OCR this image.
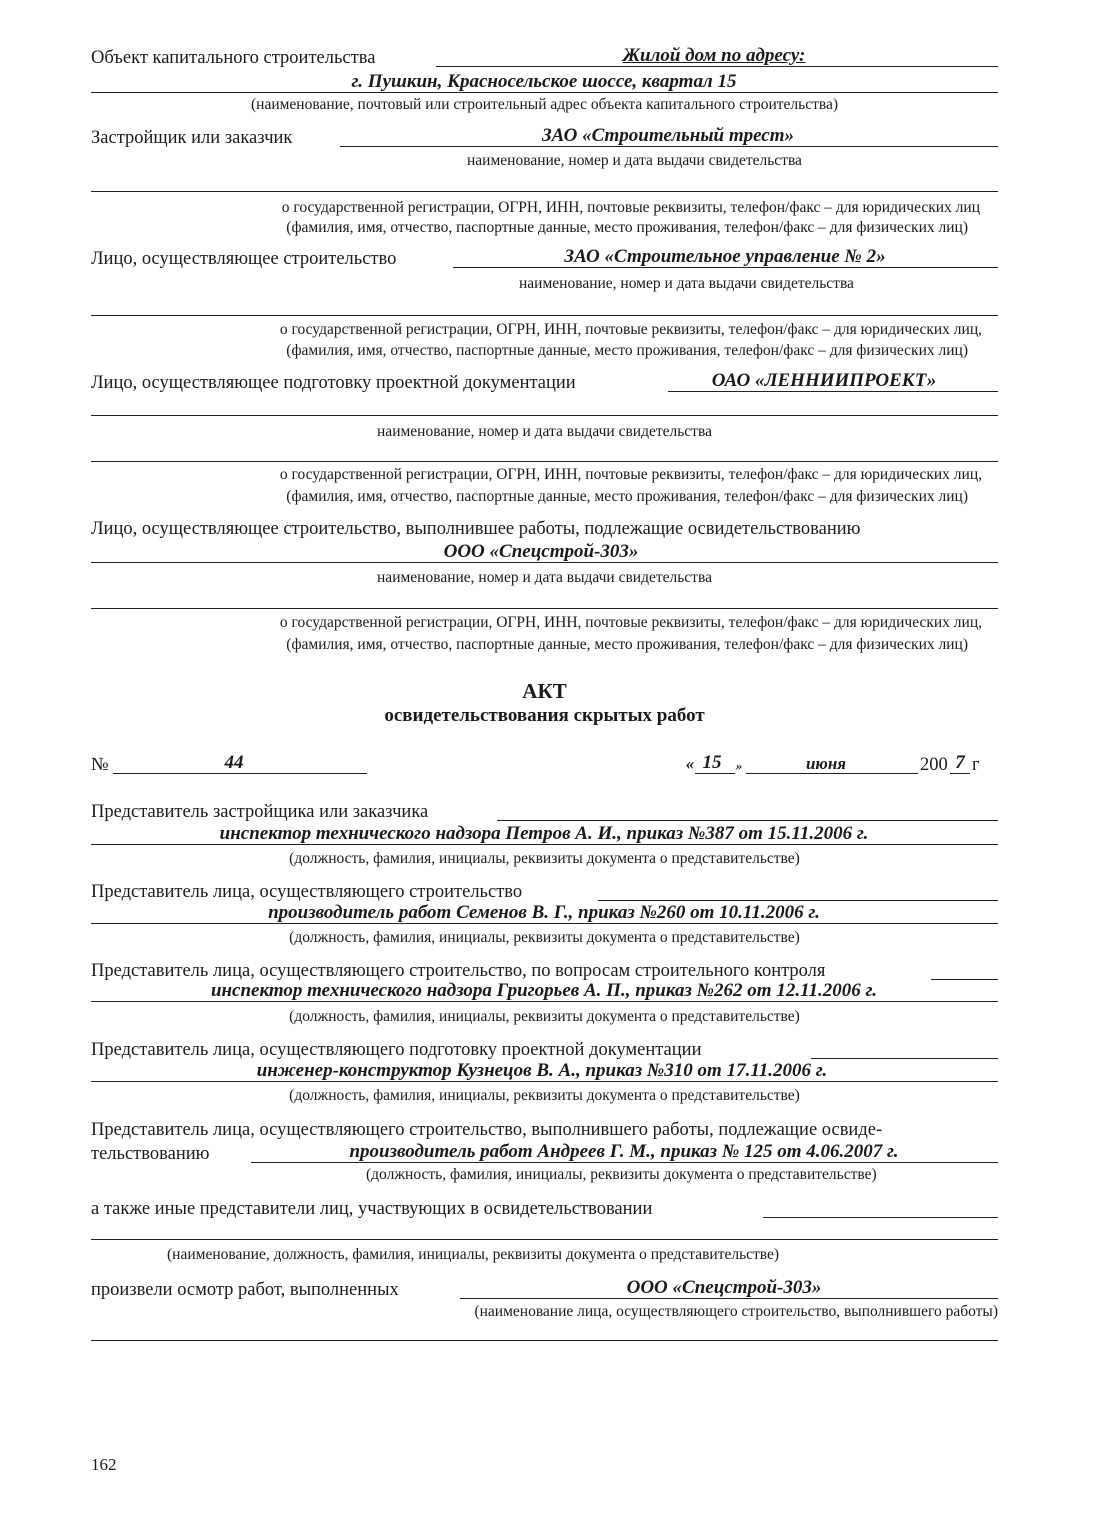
Объект капитального строительства	Жилой дом по адресу:
г. Пушкин, Красносельское шоссе, квартал 15
(наименование, почтовый или строительный адрес объекта капитального строительства)
Застройщик или заказчик	ЗАО «Строительный трест»
наименование, номер и дата выдачи свидетельства
о государственной регистрации, ОГРН, ИНН, почтовые реквизиты, телефон/факс – для юридических лиц
(фамилия, имя, отчество, паспортные данные, место проживания, телефон/факс – для физических лиц)
Лицо, осуществляющее строительство	ЗАО «Строительное управление № 2»
наименование, номер и дата выдачи свидетельства
о государственной регистрации, ОГРН, ИНН, почтовые реквизиты, телефон/факс – для юридических лиц,
(фамилия, имя, отчество, паспортные данные, место проживания, телефон/факс – для физических лиц)
Лицо, осуществляющее подготовку проектной документации	ОАО «ЛЕННИИПРОЕКТ»
наименование, номер и дата выдачи свидетельства
о государственной регистрации, ОГРН, ИНН, почтовые реквизиты, телефон/факс – для юридических лиц,
(фамилия, имя, отчество, паспортные данные, место проживания, телефон/факс – для физических лиц)
Лицо, осуществляющее строительство, выполнившее работы, подлежащие освидетельствованию
ООО «Спецстрой-303»
наименование, номер и дата выдачи свидетельства
о государственной регистрации, ОГРН, ИНН, почтовые реквизиты, телефон/факс – для юридических лиц,
(фамилия, имя, отчество, паспортные данные, место проживания, телефон/факс – для физических лиц)
АКТ
освидетельствования скрытых работ
№	44	« 15 »	июня	200 7 г
Представитель застройщика или заказчика
инспектор технического надзора Петров А. И., приказ №387 от 15.11.2006 г.
(должность, фамилия, инициалы, реквизиты документа о представительстве)
Представитель лица, осуществляющего строительство
производитель работ Семенов В. Г., приказ №260 от 10.11.2006 г.
(должность, фамилия, инициалы, реквизиты документа о представительстве)
Представитель лица, осуществляющего строительство, по вопросам строительного контроля
инспектор технического надзора Григорьев А. П., приказ №262 от 12.11.2006 г.
(должность, фамилия, инициалы, реквизиты документа о представительстве)
Представитель лица, осуществляющего подготовку проектной документации
инженер-конструктор Кузнецов В. А., приказ №310 от 17.11.2006 г.
(должность, фамилия, инициалы, реквизиты документа о представительстве)
Представитель лица, осуществляющего строительство, выполнившего работы, подлежащие освиде-
тельствованию	производитель работ Андреев Г. М., приказ № 125 от 4.06.2007 г.
(должность, фамилия, инициалы, реквизиты документа о представительстве)
а также иные представители лиц, участвующих в освидетельствовании
(наименование, должность, фамилия, инициалы, реквизиты документа о представительстве)
произвели осмотр работ, выполненных	ООО «Спецстрой-303»
(наименование лица, осуществляющего строительство, выполнившего работы)
162
